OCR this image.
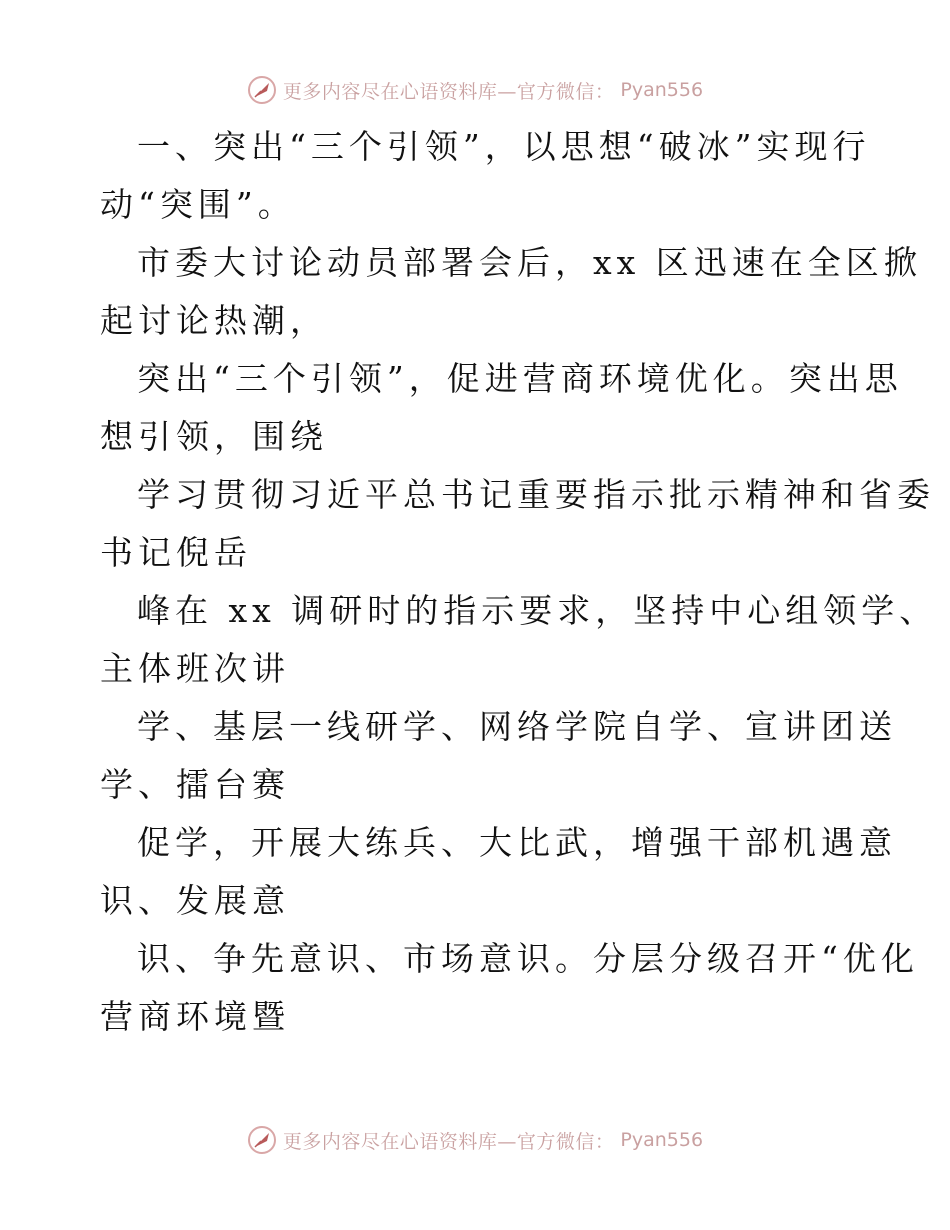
更多内容尽在心语资料库—官方微信： Pyan556
一、突出“三个引领”，以思想“破冰”实现行
动“突围”。
市委大讨论动员部署会后，xx 区迅速在全区掀
起讨论热潮，
突出“三个引领”，促进营商环境优化。突出思
想引领，围绕
学习贯彻习近平总书记重要指示批示精神和省委
书记倪岳
峰在 xx 调研时的指示要求，坚持中心组领学、
主体班次讲
学、基层一线研学、网络学院自学、宣讲团送
学、擂台赛
促学，开展大练兵、大比武，增强干部机遇意
识、发展意
识、争先意识、市场意识。分层分级召开“优化
营商环境暨
更多内容尽在心语资料库—官方微信： Pyan556
